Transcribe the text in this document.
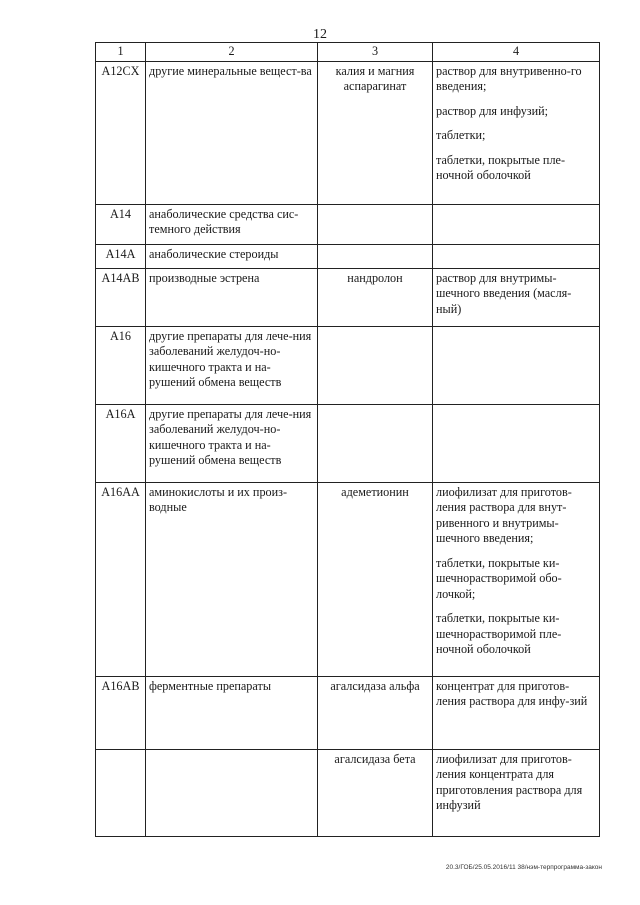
12
1	2	3	4
A12CX	другие минеральные вещест-ва	калия и магния аспарагинат	раствор для внутривенно-го введения;
раствор для инфузий;
таблетки;
таблетки, покрытые пле-ночной оболочкой

A14	анаболические средства сис-темного действия		
A14A	анаболические стероиды		
A14AB	производные эстрена	нандролон	раствор для внутримы-шечного введения (масля-ный)

A16	другие препараты для лече-ния заболеваний желудоч-но-кишечного тракта и на-рушений обмена веществ		
A16A	другие препараты для лече-ния заболеваний желудоч-но-кишечного тракта и на-рушений обмена веществ		
A16AA	аминокислоты и их произ-водные	адеметионин	лиофилизат для приготов-ления раствора для внут-ривенного и внутримы-шечного введения;
таблетки, покрытые ки-шечнорастворимой обо-лочкой;
таблетки, покрытые ки-шечнорастворимой пле-ночной оболочкой

A16AB	ферментные препараты	агалсидаза альфа	концентрат для приготов-ления раствора для инфу-зий

		агалсидаза бета	лиофилизат для приготов-ления концентрата для приготовления раствора для инфузий
20.3/ГОБ/25.05.2016/11 38/нэм-терпрограмма-закон
